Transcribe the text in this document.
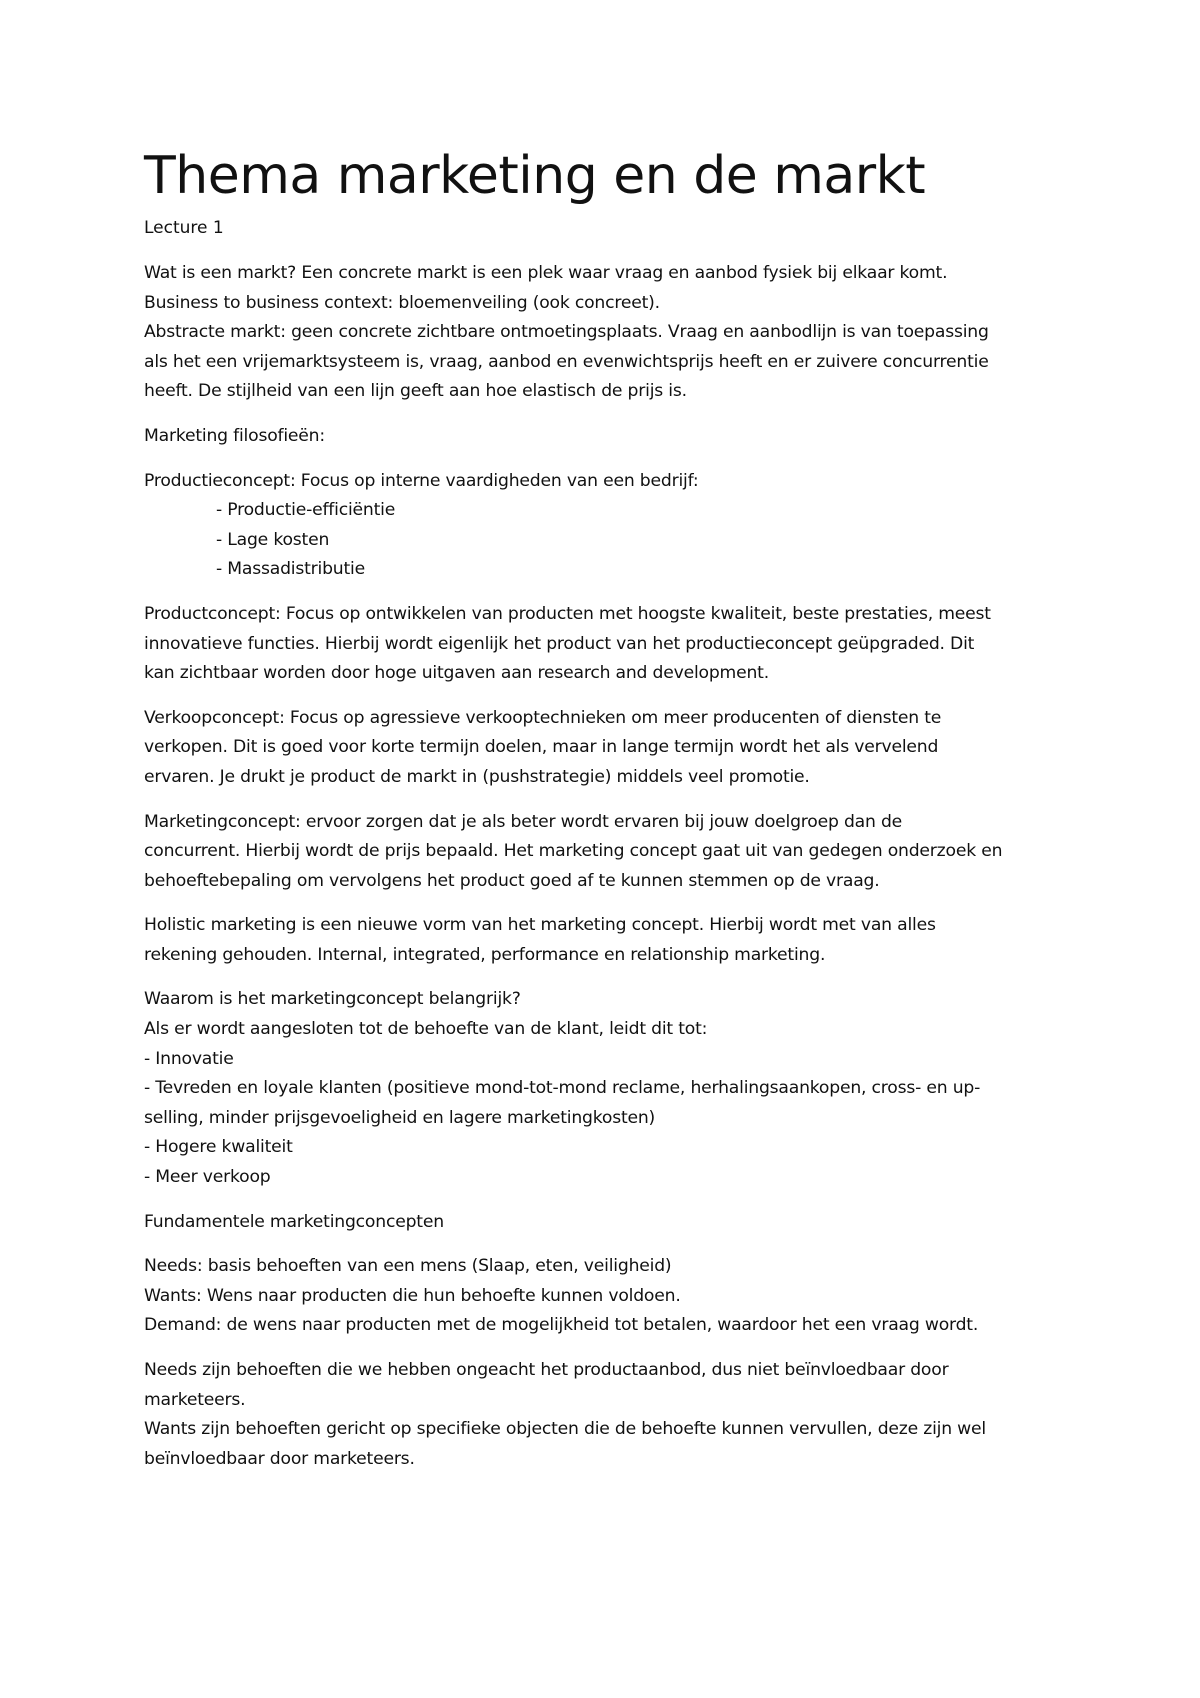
Thema marketing en de markt
Lecture 1

Wat is een markt? Een concrete markt is een plek waar vraag en aanbod fysiek bij elkaar komt.
Business to business context: bloemenveiling (ook concreet).
Abstracte markt: geen concrete zichtbare ontmoetingsplaats. Vraag en aanbodlijn is van toepassing
als het een vrijemarktsysteem is, vraag, aanbod en evenwichtsprijs heeft en er zuivere concurrentie
heeft. De stijlheid van een lijn geeft aan hoe elastisch de prijs is.

Marketing filosofieën:

Productieconcept: Focus op interne vaardigheden van een bedrijf:
- Productie-efficiëntie
- Lage kosten
- Massadistributie

Productconcept: Focus op ontwikkelen van producten met hoogste kwaliteit, beste prestaties, meest
innovatieve functies. Hierbij wordt eigenlijk het product van het productieconcept geüpgraded. Dit
kan zichtbaar worden door hoge uitgaven aan research and development.

Verkoopconcept: Focus op agressieve verkooptechnieken om meer producenten of diensten te
verkopen. Dit is goed voor korte termijn doelen, maar in lange termijn wordt het als vervelend
ervaren. Je drukt je product de markt in (pushstrategie) middels veel promotie.

Marketingconcept: ervoor zorgen dat je als beter wordt ervaren bij jouw doelgroep dan de
concurrent. Hierbij wordt de prijs bepaald. Het marketing concept gaat uit van gedegen onderzoek en
behoeftebepaling om vervolgens het product goed af te kunnen stemmen op de vraag.

Holistic marketing is een nieuwe vorm van het marketing concept. Hierbij wordt met van alles
rekening gehouden. Internal, integrated, performance en relationship marketing.

Waarom is het marketingconcept belangrijk?
Als er wordt aangesloten tot de behoefte van de klant, leidt dit tot:
- Innovatie
- Tevreden en loyale klanten (positieve mond-tot-mond reclame, herhalingsaankopen, cross- en up-
selling, minder prijsgevoeligheid en lagere marketingkosten)
- Hogere kwaliteit
- Meer verkoop

Fundamentele marketingconcepten

Needs: basis behoeften van een mens (Slaap, eten, veiligheid)
Wants: Wens naar producten die hun behoefte kunnen voldoen.
Demand: de wens naar producten met de mogelijkheid tot betalen, waardoor het een vraag wordt.

Needs zijn behoeften die we hebben ongeacht het productaanbod, dus niet beïnvloedbaar door
marketeers.
Wants zijn behoeften gericht op specifieke objecten die de behoefte kunnen vervullen, deze zijn wel
beïnvloedbaar door marketeers.
